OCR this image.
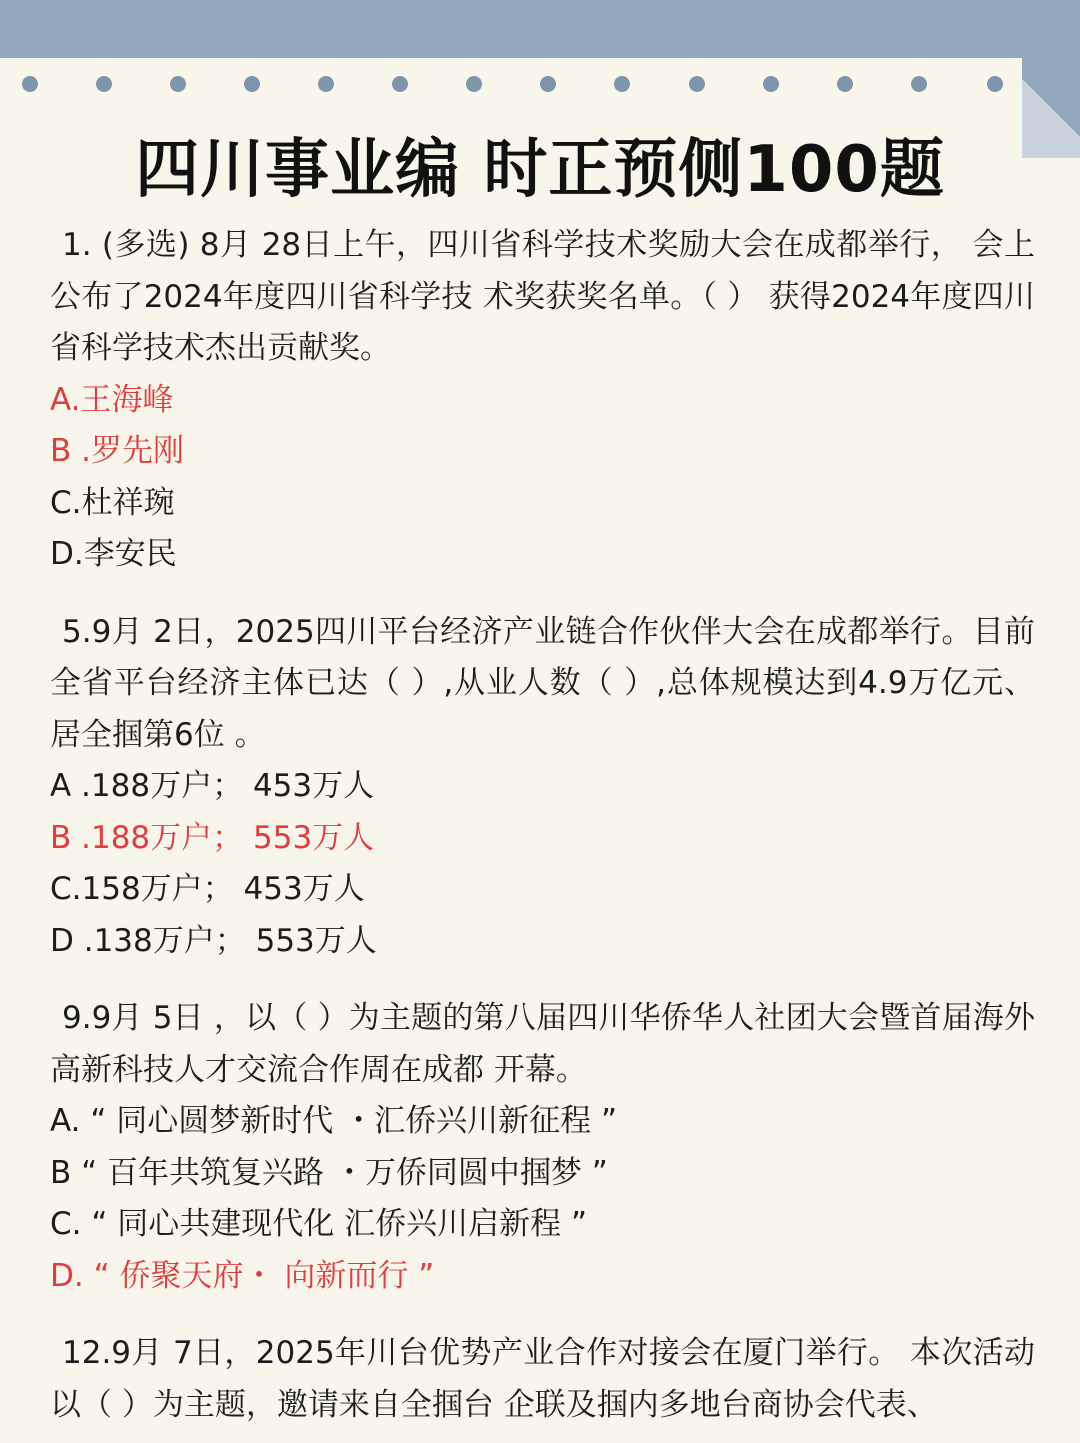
四川事业编 时正预侧100题

1. (多选) 8月 28日上午，四川省科学技术奖励大会在成都举行， 会上公布了2024年度四川省科学技 术奖获奖名单。（ ） 获得2024年度四川省科学技术杰出贡献奖。

A.王海峰

B .罗先刚

C.杜祥琬

D.李安民

5.9月 2日，2025四川平台经济产业链合作伙伴大会在成都举行。目前全省平台经济主体已达（ ）,从业人数（ ）,总体规模达到4.9万亿元、 居全掴第6位 。

A .188万户； 453万人

B .188万户； 553万人

C.158万户； 453万人

D .138万户； 553万人

9.9月 5日 ，以（ ）为主题的第八届四川华侨华人社团大会暨首届海外高新科技人才交流合作周在成都 开幕。

A. “ 同心圆梦新时代 ・汇侨兴川新征程 ”

B “ 百年共筑复兴路 ・万侨同圆中掴梦 ”

C. “ 同心共建现代化 汇侨兴川启新程 ”

D. “ 侨聚天府・ 向新而行 ”

12.9月 7日，2025年川台优势产业合作对接会在厦门举行。 本次活动以（ ）为主题，邀请来自全掴台 企联及掴内多地台商协会代表、
